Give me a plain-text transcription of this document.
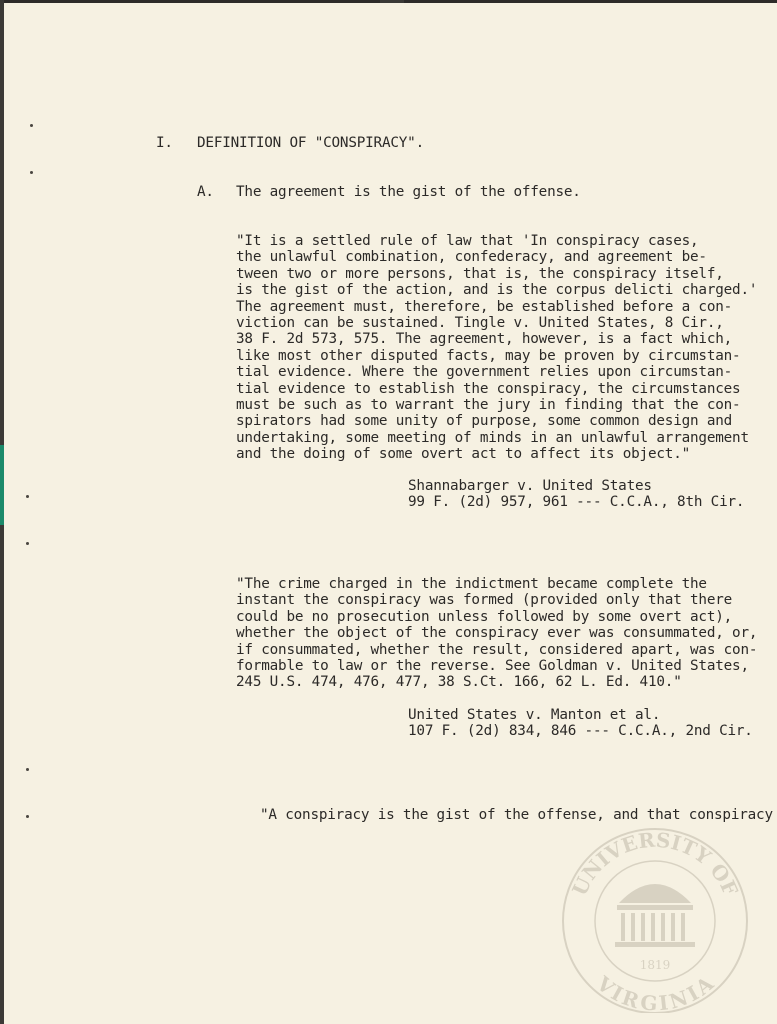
I. DEFINITION OF "CONSPIRACY".
A. The agreement is the gist of the offense.
"It is a settled rule of law that 'In conspiracy cases,
the unlawful combination, confederacy, and agreement be-
tween two or more persons, that is, the conspiracy itself,
is the gist of the action, and is the corpus delicti charged.'
The agreement must, therefore, be established before a con-
viction can be sustained. Tingle v. United States, 8 Cir.,
38 F. 2d 573, 575. The agreement, however, is a fact which,
like most other disputed facts, may be proven by circumstan-
tial evidence. Where the government relies upon circumstan-
tial evidence to establish the conspiracy, the circumstances
must be such as to warrant the jury in finding that the con-
spirators had some unity of purpose, some common design and
undertaking, some meeting of minds in an unlawful arrangement
and the doing of some overt act to affect its object."
Shannabarger v. United States
99 F. (2d) 957, 961 --- C.C.A., 8th Cir.
"The crime charged in the indictment became complete the
instant the conspiracy was formed (provided only that there
could be no prosecution unless followed by some overt act),
whether the object of the conspiracy ever was consummated, or,
if consummated, whether the result, considered apart, was con-
formable to law or the reverse. See Goldman v. United States,
245 U.S. 474, 476, 477, 38 S.Ct. 166, 62 L. Ed. 410."
United States v. Manton et al.
107 F. (2d) 834, 846 --- C.C.A., 2nd Cir.
"A conspiracy is the gist of the offense, and that conspiracy
UNIVERSITY OF
VIRGINIA
1819
